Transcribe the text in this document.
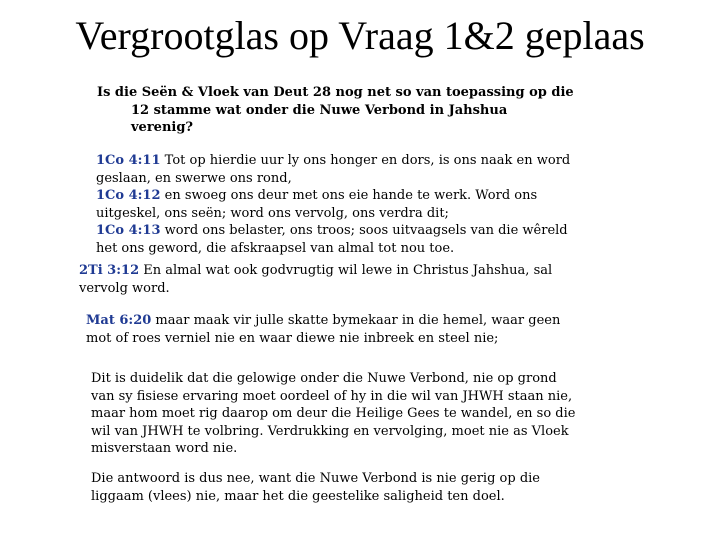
Vergrootglas op Vraag 1&2 geplaas
Is die Seën & Vloek van Deut 28 nog net so van toepassing op die
12 stamme wat onder die Nuwe Verbond in Jahshua
verenig?
1Co 4:11 Tot op hierdie uur ly ons honger en dors, is ons naak en word
geslaan, en swerwe ons rond,
1Co 4:12 en swoeg ons deur met ons eie hande te werk. Word ons
uitgeskel, ons seën; word ons vervolg, ons verdra dit;
1Co 4:13 word ons belaster, ons troos; soos uitvaagsels van die wêreld
het ons geword, die afskraapsel van almal tot nou toe.
2Ti 3:12 En almal wat ook godvrugtig wil lewe in Christus Jahshua, sal
vervolg word.
Mat 6:20 maar maak vir julle skatte bymekaar in die hemel, waar geen
mot of roes verniel nie en waar diewe nie inbreek en steel nie;
Dit is duidelik dat die gelowige onder die Nuwe Verbond, nie op grond
van sy fisiese ervaring moet oordeel of hy in die wil van JHWH staan nie,
maar hom moet rig daarop om deur die Heilige Gees te wandel, en so die
wil van JHWH te volbring. Verdrukking en vervolging, moet nie as Vloek
misverstaan word nie.
Die antwoord is dus nee, want die Nuwe Verbond is nie gerig op die
liggaam (vlees) nie, maar het die geestelike saligheid ten doel.
